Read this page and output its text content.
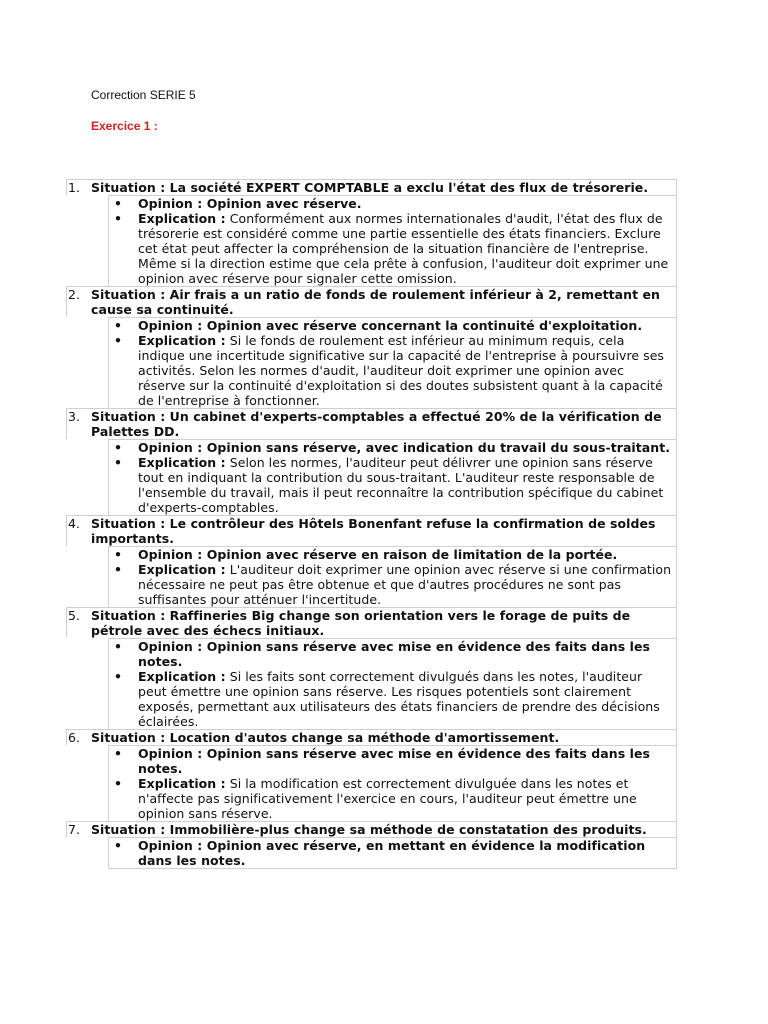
Correction SERIE 5
Exercice 1 :
1. Situation : La société EXPERT COMPTABLE a exclu l'état des flux de trésorerie.
• Opinion : Opinion avec réserve.
• Explication : Conformément aux normes internationales d'audit, l'état des flux de trésorerie est considéré comme une partie essentielle des états financiers. Exclure cet état peut affecter la compréhension de la situation financière de l'entreprise. Même si la direction estime que cela prête à confusion, l'auditeur doit exprimer une opinion avec réserve pour signaler cette omission.
2. Situation : Air frais a un ratio de fonds de roulement inférieur à 2, remettant en cause sa continuité.
• Opinion : Opinion avec réserve concernant la continuité d'exploitation.
• Explication : Si le fonds de roulement est inférieur au minimum requis, cela indique une incertitude significative sur la capacité de l'entreprise à poursuivre ses activités. Selon les normes d'audit, l'auditeur doit exprimer une opinion avec réserve sur la continuité d'exploitation si des doutes subsistent quant à la capacité de l'entreprise à fonctionner.
3. Situation : Un cabinet d'experts-comptables a effectué 20% de la vérification de Palettes DD.
• Opinion : Opinion sans réserve, avec indication du travail du sous-traitant.
• Explication : Selon les normes, l'auditeur peut délivrer une opinion sans réserve tout en indiquant la contribution du sous-traitant. L'auditeur reste responsable de l'ensemble du travail, mais il peut reconnaître la contribution spécifique du cabinet d'experts-comptables.
4. Situation : Le contrôleur des Hôtels Bonenfant refuse la confirmation de soldes importants.
• Opinion : Opinion avec réserve en raison de limitation de la portée.
• Explication : L'auditeur doit exprimer une opinion avec réserve si une confirmation nécessaire ne peut pas être obtenue et que d'autres procédures ne sont pas suffisantes pour atténuer l'incertitude.
5. Situation : Raffineries Big change son orientation vers le forage de puits de pétrole avec des échecs initiaux.
• Opinion : Opinion sans réserve avec mise en évidence des faits dans les notes.
• Explication : Si les faits sont correctement divulgués dans les notes, l'auditeur peut émettre une opinion sans réserve. Les risques potentiels sont clairement exposés, permettant aux utilisateurs des états financiers de prendre des décisions éclairées.
6. Situation : Location d'autos change sa méthode d'amortissement.
• Opinion : Opinion sans réserve avec mise en évidence des faits dans les notes.
• Explication : Si la modification est correctement divulguée dans les notes et n'affecte pas significativement l'exercice en cours, l'auditeur peut émettre une opinion sans réserve.
7. Situation : Immobilière-plus change sa méthode de constatation des produits.
• Opinion : Opinion avec réserve, en mettant en évidence la modification dans les notes.
